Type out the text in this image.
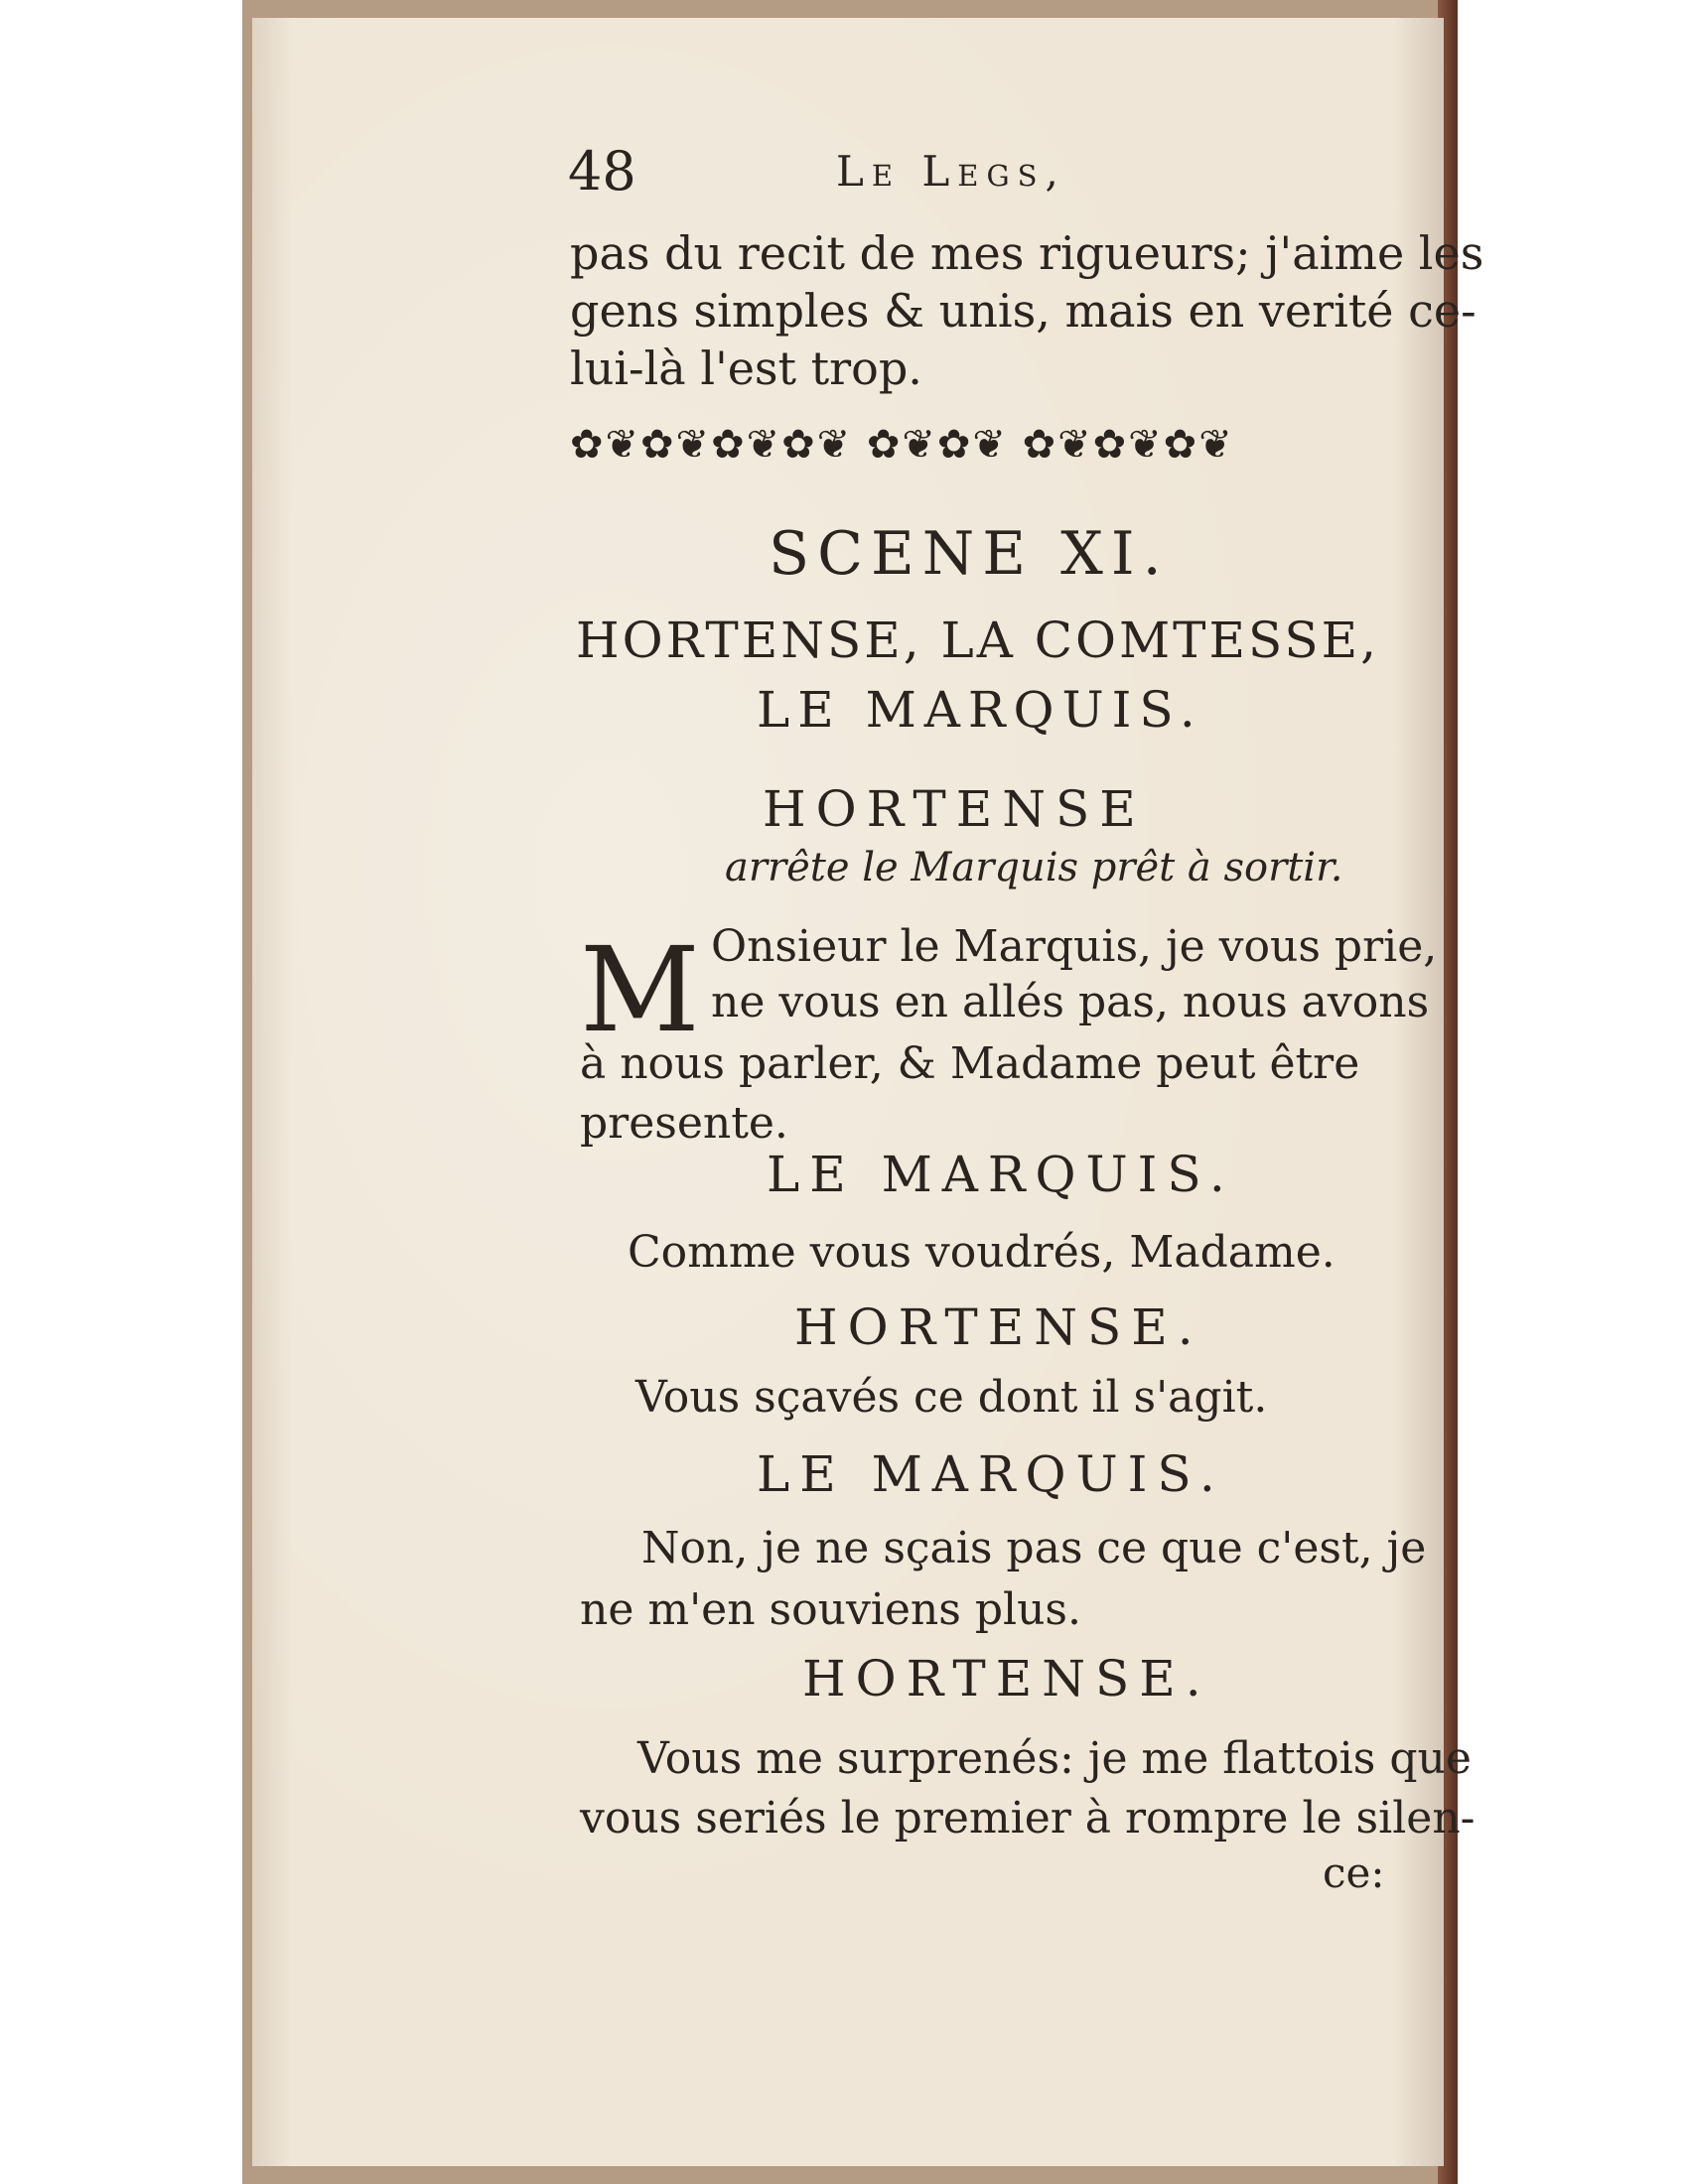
48	Le Legs,
pas du recit de mes rigueurs; j'aime les
gens simples & unis, mais en verité ce-
lui-là l'est trop.
✿❦✿❦✿❦✿❦ ✿❦✿❦ ✿❦✿❦✿❦
SCENE XI.
HORTENSE, LA COMTESSE,
LE MARQUIS.
HORTENSE
arrête le Marquis prêt à sortir.
M Onsieur le Marquis, je vous prie,
ne vous en allés pas, nous avons
à nous parler, & Madame peut être
presente.
LE MARQUIS.
Comme vous voudrés, Madame.
HORTENSE.
Vous sçavés ce dont il s'agit.
LE MARQUIS.
Non, je ne sçais pas ce que c'est, je
ne m'en souviens plus.
HORTENSE.
Vous me surprenés: je me flattois que
vous seriés le premier à rompre le silen-
ce:
